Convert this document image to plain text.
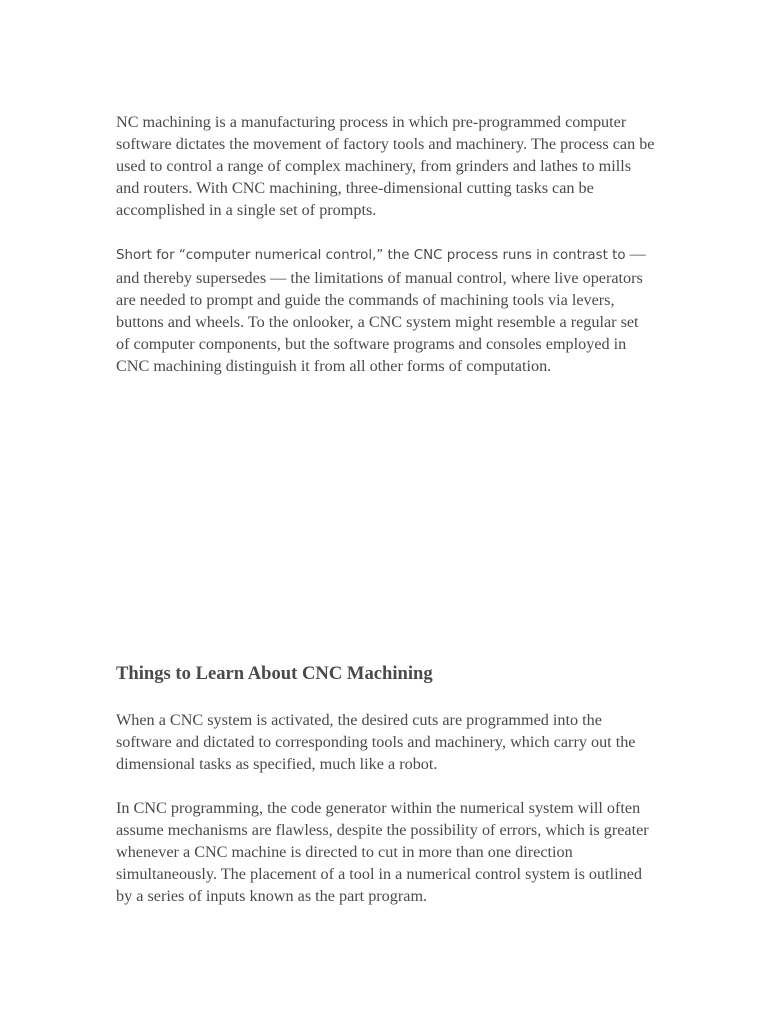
NC machining is a manufacturing process in which pre-programmed computer software dictates the movement of factory tools and machinery. The process can be used to control a range of complex machinery, from grinders and lathes to mills and routers. With CNC machining, three-dimensional cutting tasks can be accomplished in a single set of prompts.

Short for “computer numerical control,” the CNC process runs in contrast to — and thereby supersedes — the limitations of manual control, where live operators are needed to prompt and guide the commands of machining tools via levers, buttons and wheels. To the onlooker, a CNC system might resemble a regular set of computer components, but the software programs and consoles employed in CNC machining distinguish it from all other forms of computation.

Things to Learn About CNC Machining

When a CNC system is activated, the desired cuts are programmed into the software and dictated to corresponding tools and machinery, which carry out the dimensional tasks as specified, much like a robot.

In CNC programming, the code generator within the numerical system will often assume mechanisms are flawless, despite the possibility of errors, which is greater whenever a CNC machine is directed to cut in more than one direction simultaneously. The placement of a tool in a numerical control system is outlined by a series of inputs known as the part program.
